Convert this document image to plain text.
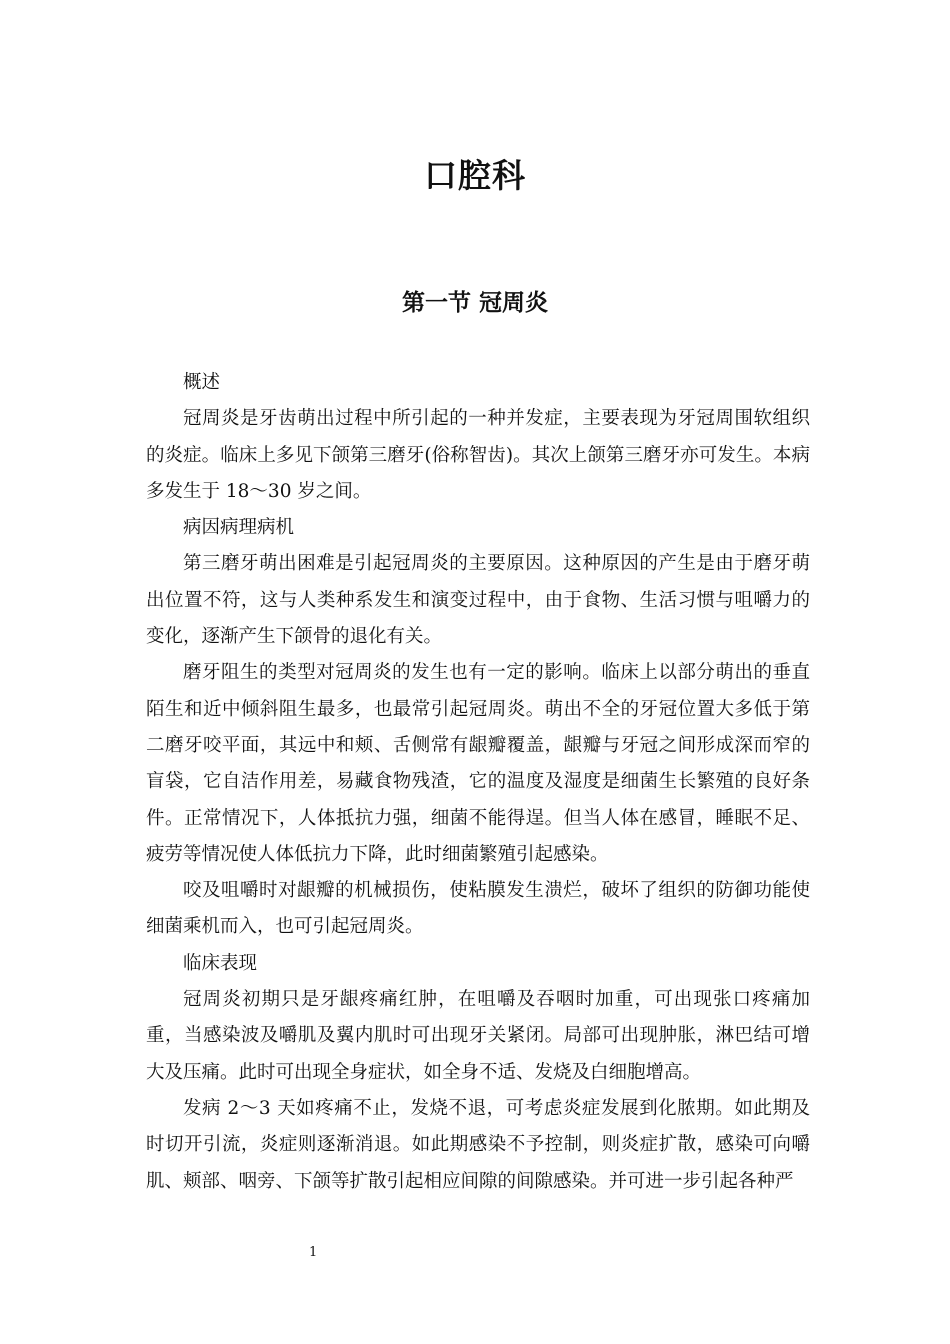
口腔科
第一节 冠周炎

概述

冠周炎是牙齿萌出过程中所引起的一种并发症，主要表现为牙冠周围软组织的炎症。临床上多见下颌第三磨牙(俗称智齿)。其次上颌第三磨牙亦可发生。本病多发生于 18～30 岁之间。

病因病理病机

第三磨牙萌出困难是引起冠周炎的主要原因。这种原因的产生是由于磨牙萌出位置不符，这与人类种系发生和演变过程中，由于食物、生活习惯与咀嚼力的变化，逐渐产生下颌骨的退化有关。

磨牙阻生的类型对冠周炎的发生也有一定的影响。临床上以部分萌出的垂直陌生和近中倾斜阻生最多，也最常引起冠周炎。萌出不全的牙冠位置大多低于第二磨牙咬平面，其远中和颊、舌侧常有龈瓣覆盖，龈瓣与牙冠之间形成深而窄的盲袋，它自洁作用差，易藏食物残渣，它的温度及湿度是细菌生长繁殖的良好条件。正常情况下，人体抵抗力强，细菌不能得逞。但当人体在感冒，睡眠不足、疲劳等情况使人体低抗力下降，此时细菌繁殖引起感染。

咬及咀嚼时对龈瓣的机械损伤，使粘膜发生溃烂，破坏了组织的防御功能使细菌乘机而入，也可引起冠周炎。

临床表现

冠周炎初期只是牙龈疼痛红肿，在咀嚼及吞咽时加重，可出现张口疼痛加重，当感染波及嚼肌及翼内肌时可出现牙关紧闭。局部可出现肿胀，淋巴结可增大及压痛。此时可出现全身症状，如全身不适、发烧及白细胞增高。

发病 2～3 天如疼痛不止，发烧不退，可考虑炎症发展到化脓期。如此期及时切开引流，炎症则逐渐消退。如此期感染不予控制，则炎症扩散，感染可向嚼肌、颊部、咽旁、下颌等扩散引起相应间隙的间隙感染。并可进一步引起各种严

1
